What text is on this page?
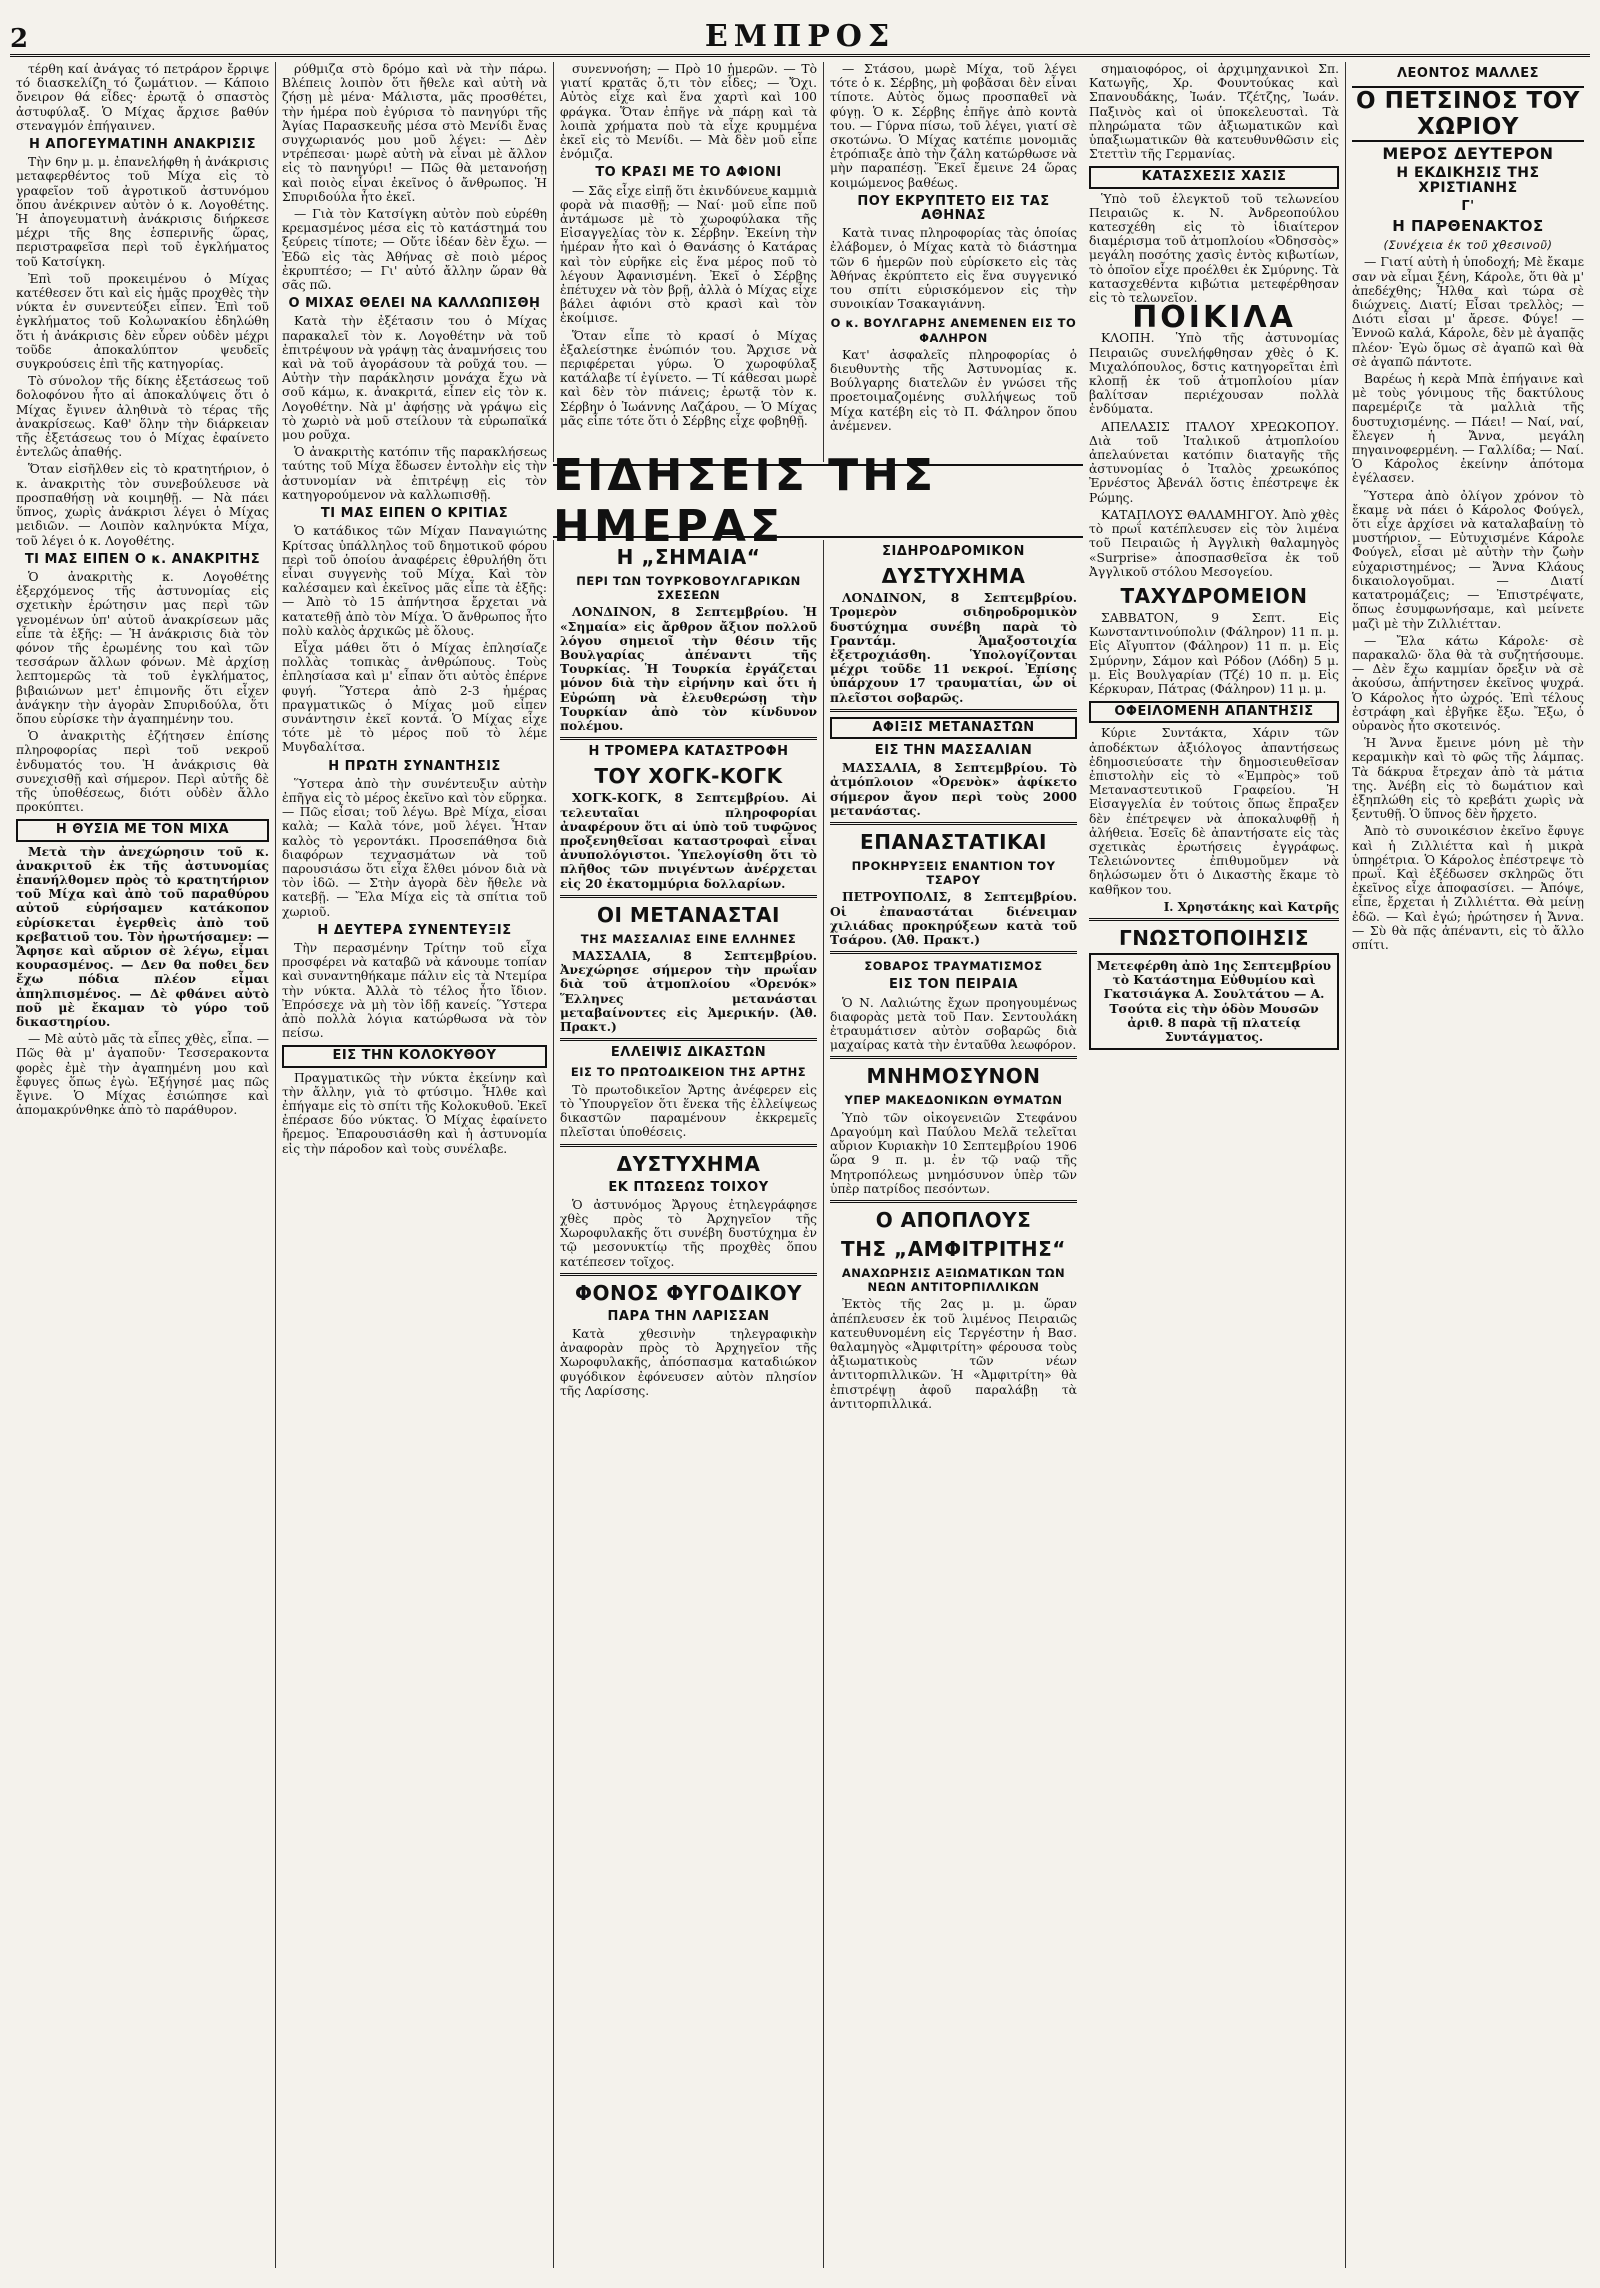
2	ΕΜΠΡΟΣ

τέρθη καί ἀνάγας τό πετράρον ἔρριψε τό διασκελίζη τό ζωμάτιον. — Κάποιο ὄνειρον θά εἶδες· ἐρωτᾷ ὁ σπαστὸς ἀστυφύλαξ. Ὁ Μίχας ἄρχισε βαθύν στεναγμόν ἐπήγαινεν.

Η ΑΠΟΓΕΥΜΑΤΙΝΗ ΑΝΑΚΡΙΣΙΣ

Τὴν 6ην μ. μ. ἐπανελήφθη ἡ ἀνάκρισις μεταφερθέντος τοῦ Μίχα εἰς τὸ γραφεῖον τοῦ ἀγροτικοῦ ἀστυνόμου ὅπου ἀνέκρινεν αὐτὸν ὁ κ. Λογοθέτης. Ἡ ἀπογευματινὴ ἀνάκρισις διήρκεσε μέχρι τῆς 8ης ἑσπερινῆς ὥρας, περιστραφεῖσα περὶ τοῦ ἐγκλήματος τοῦ Κατσίγκη.

Ἐπὶ τοῦ προκειμένου ὁ Μίχας κατέθεσεν ὅτι καὶ εἰς ἡμᾶς προχθὲς τὴν νύκτα ἐν συνεντεύξει εἶπεν. Ἐπὶ τοῦ ἐγκλήματος τοῦ Κολωνακίου ἐδηλώθη ὅτι ἡ ἀνάκρισις δὲν εὗρεν οὐδὲν μέχρι τοῦδε ἀποκαλύπτον ψευδεῖς συγκρούσεις ἐπὶ τῆς κατηγορίας.

Τὸ σύνολον τῆς δίκης ἐξετάσεως τοῦ δολοφόνου ἦτο αἱ ἀποκαλύψεις ὅτι ὁ Μίχας ἔγινεν ἀληθινὰ τὸ τέρας τῆς ἀνακρίσεως. Καθ' ὅλην τὴν διάρκειαν τῆς ἐξετάσεως του ὁ Μίχας ἐφαίνετο ἐντελῶς ἀπαθής.

Ὅταν εἰσῆλθεν εἰς τὸ κρατητήριον, ὁ κ. ἀνακριτὴς τὸν συνεβούλευσε νὰ προσπαθήσῃ νὰ κοιμηθῇ. — Νὰ πάει ὕπνος, χωρὶς ἀνάκρισι λέγει ὁ Μίχας μειδιῶν. — Λοιπὸν καληνύκτα Μίχα, τοῦ λέγει ὁ κ. Λογοθέτης.

ΤΙ ΜΑΣ ΕΙΠΕΝ Ο κ. ΑΝΑΚΡΙΤΗΣ

Ὁ ἀνακριτὴς κ. Λογοθέτης ἐξερχόμενος τῆς ἀστυνομίας εἰς σχετικὴν ἐρώτησιν μας περὶ τῶν γενομένων ὑπ' αὐτοῦ ἀνακρίσεων μᾶς εἶπε τὰ ἑξῆς: — Ἡ ἀνάκρισις διὰ τὸν φόνον τῆς ἐρωμένης του καὶ τῶν τεσσάρων ἄλλων φόνων. Μὲ ἀρχίσῃ λεπτομερῶς τὰ τοῦ ἐγκλήματος, βιβαιώνων μετ' ἐπιμονῆς ὅτι εἶχεν ἀνάγκην τὴν ἀγορὰν Σπυριδούλα, ὅτι ὅπου εὑρίσκε τὴν ἀγαπημένην του.

Ὁ ἀνακριτὴς ἐζήτησεν ἐπίσης πληροφορίας περὶ τοῦ νεκροῦ ἐνδυματός του. Ἡ ἀνάκρισις θὰ συνεχισθῇ καὶ σήμερον. Περὶ αὐτῆς δὲ τῆς ὑποθέσεως, διότι οὐδὲν ἄλλο προκύπτει.

Η ΘΥΣΙΑ ΜΕ ΤΟΝ ΜΙΧΑ

Μετὰ τὴν ἀνεχώρησιν τοῦ κ. ἀνακριτοῦ ἐκ τῆς ἀστυνομίας ἐπανήλθομεν πρὸς τὸ κρατητήριον τοῦ Μίχα καὶ ἀπὸ τοῦ παραθύρου αὐτοῦ εὑρήσαμεν κατάκοπον εὐρίσκεται ἐγερθεὶς ἀπὸ τοῦ κρεβατιοῦ του. Τὸν ἠρωτήσαμεν: — Ἄφησε καὶ αὔριον σὲ λέγω, εἶμαι κουρασμένος. — Δεν θα ποθει δεν ἔχω πόδια πλέον εἶμαι ἀπηλπισμένος. — Δὲ φθάνει αὐτὸ ποῦ μὲ ἔκαμαν τὸ γύρο τοῦ δικαστηρίου.

— Μὲ αὐτὸ μᾶς τὰ εἶπες χθὲς, εἶπα. — Πῶς θὰ μ' ἀγαποῦν· Τεσσερακοντα φορὲς ἐμὲ τὴν ἀγαπημένη μου καὶ ἔφυγες ὅπως ἐγὼ. Ἐξήγησέ μας πῶς ἔγινε. Ὁ Μίχας ἐσιώπησε καὶ ἀπομακρύνθηκε ἀπὸ τὸ παράθυρον.

ρύθμιζα στὸ δρόμο καὶ νὰ τὴν πάρω. Βλέπεις λοιπὸν ὅτι ἤθελε καὶ αὐτὴ νὰ ζήσῃ μὲ μένα· Μάλιστα, μᾶς προσθέτει, τὴν ἡμέρα ποὺ ἐγύρισα τὸ πανηγύρι τῆς Ἁγίας Παρασκευῆς μέσα στὸ Μενίδι ἔνας συγχωριανός μου μοῦ λέγει: — Δὲν ντρέπεσαι· μωρὲ αὐτὴ νὰ εἶναι μὲ ἄλλον εἰς τὸ πανηγύρι! — Πῶς θὰ μετανοήσῃ καὶ ποιὸς εἶναι ἐκεῖνος ὁ ἄνθρωπος. Ἡ Σπυριδούλα ἦτο ἐκεῖ.

— Γιὰ τὸν Κατσίγκη αὐτὸν ποὺ εὑρέθη κρεμασμένος μέσα εἰς τὸ κατάστημά του ξεύρεις τίποτε; — Οὔτε ἰδέαν δὲν ἔχω. — Ἐδῶ εἰς τὰς Ἀθήνας σὲ ποιὸ μέρος ἐκρυπτέσο; — Γι' αὐτό ἄλλην ὥραν θὰ σᾶς πῶ.

Ο ΜΙΧΑΣ ΘΕΛΕΙ ΝΑ ΚΑΛΛΩΠΙΣΘῌ

Κατὰ τὴν ἐξέτασιν του ὁ Μίχας παρακαλεῖ τὸν κ. Λογοθέτην νὰ τοῦ ἐπιτρέψουν νὰ γράψῃ τὰς ἀναμνήσεις του καὶ νὰ τοῦ ἀγοράσουν τὰ ροῦχά του. — Αὐτὴν τὴν παράκλησιν μονάχα ἔχω νὰ σοῦ κάμω, κ. ἀνακριτά, εἶπεν εἰς τὸν κ. Λογοθέτην. Νὰ μ' ἀφήσῃς νὰ γράψω εἰς τὸ χωριὸ νὰ μοῦ στείλουν τὰ εὐρωπαϊκά μου ροῦχα.

Ὁ ἀνακριτὴς κατόπιν τῆς παρακλήσεως ταύτης τοῦ Μίχα ἔδωσεν ἐντολὴν εἰς τὴν ἀστυνομίαν νὰ ἐπιτρέψῃ εἰς τὸν κατηγορούμενον νὰ καλλωπισθῇ.

ΤΙ ΜΑΣ ΕΙΠΕΝ Ο ΚΡΙΤΙΑΣ

Ὁ κατάδικος τῶν Μίχαν Παναγιώτης Κρίτσας ὑπάλληλος τοῦ δημοτικοῦ φόρου περὶ τοῦ ὁποίου ἀναφέρεις ἐθρυλήθη ὅτι εἶναι συγγενὴς τοῦ Μίχα. Καὶ τὸν καλέσαμεν καὶ ἐκεῖνος μᾶς εἶπε τὰ ἑξῆς: — Ἀπὸ τὸ 15 ἀπήντησα ἔρχεται νὰ κατατεθῇ ἀπὸ τὸν Μίχα. Ὁ ἄνθρωπος ἦτο πολὺ καλὸς ἀρχικῶς μὲ ὅλους.

Εἶχα μάθει ὅτι ὁ Μίχας ἐπλησίαζε πολλὰς τοπικὰς ἀνθρώπους. Τοὺς ἐπλησίασα καὶ μ' εἶπαν ὅτι αὐτὸς ἐπέρνε φυγή. Ὕστερα ἀπὸ 2-3 ἡμέρας πραγματικῶς ὁ Μίχας μοῦ εἶπεν συνάντησιν ἐκεῖ κοντά. Ὁ Μίχας εἶχε τότε μὲ τὸ μέρος ποῦ τὸ λέμε Μυγδαλίτσα.

Η ΠΡΩΤΗ ΣΥΝΑΝΤΗΣΙΣ

Ὕστερα ἀπὸ τὴν συνέντευξιν αὐτὴν ἐπῆγα εἰς τὸ μέρος ἐκεῖνο καὶ τὸν εὕρηκα. — Πῶς εἶσαι; τοῦ λέγω. Βρὲ Μίχα, εἶσαι καλὰ; — Καλὰ τόνε, μοῦ λέγει. Ἦταν καλὸς τὸ γεροντάκι. Προσεπάθησα διὰ διαφόρων τεχνασμάτων νὰ τοῦ παρουσιάσω ὅτι εἶχα ἔλθει μόνον διὰ νὰ τὸν ἰδῶ. — Στὴν ἀγορὰ δὲν ἤθελε νὰ κατεβῇ. — Ἔλα Μίχα εἰς τὰ σπίτια τοῦ χωριοῦ.

Η ΔΕΥΤΕΡΑ ΣΥΝΕΝΤΕΥΞΙΣ

Τὴν περασμένην Τρίτην τοῦ εἶχα προσφέρει νὰ καταβῶ νὰ κάνουμε τοπίαν καὶ συναντηθήκαμε πάλιν εἰς τὰ Ντεμίρα τὴν νύκτα. Ἀλλὰ τὸ τέλος ἦτο ἴδιον. Ἐπρόσεχε νὰ μὴ τὸν ἰδῇ κανείς. Ὕστερα ἀπὸ πολλὰ λόγια κατώρθωσα νὰ τὸν πείσω.

ΕΙΣ ΤΗΝ ΚΟΛΟΚΥΘΟΥ

Πραγματικῶς τὴν νύκτα ἐκείνην καὶ τὴν ἄλλην, γιὰ τὸ φτύσιμο. Ἦλθε καὶ ἐπήγαμε εἰς τὸ σπίτι τῆς Κολοκυθοῦ. Ἐκεῖ ἐπέρασε δύο νύκτας. Ὁ Μίχας ἐφαίνετο ἤρεμος. Ἐπαρουσιάσθη καὶ ἡ ἀστυνομία εἰς τὴν πάροδον καὶ τοὺς συνέλαβε.

συνεννοήση; — Πρὸ 10 ἡμερῶν. — Τὸ γιατί κρατᾶς ὅ,τι τὸν εἶδες; — Ὄχι. Αὐτὸς εἶχε καὶ ἕνα χαρτὶ καὶ 100 φράγκα. Ὅταν ἐπῆγε νὰ πάρῃ καὶ τὰ λοιπὰ χρήματα ποὺ τὰ εἶχε κρυμμένα ἐκεῖ εἰς τὸ Μενίδι. — Μὰ δὲν μοῦ εἶπε ἐνόμιζα.

ΤΟ ΚΡΑΣΙ ΜΕ ΤΟ ΑΦΙΟΝΙ

— Σᾶς εἶχε εἰπῇ ὅτι ἐκινδύνευε καμμιὰ φορὰ νὰ πιασθῇ; — Ναί· μοῦ εἶπε ποῦ ἀντάμωσε μὲ τὸ χωροφύλακα τῆς Εἰσαγγελίας τὸν κ. Σέρβην. Ἐκείνη τὴν ἡμέραν ἦτο καὶ ὁ Θανάσης ὁ Κατάρας καὶ τὸν εὑρῆκε εἰς ἕνα μέρος ποῦ τὸ λέγουν Ἀφανισμένη. Ἐκεῖ ὁ Σέρβης ἐπέτυχεν νὰ τὸν βρῇ, ἀλλὰ ὁ Μίχας εἶχε βάλει ἀφιόνι στὸ κρασὶ καὶ τὸν ἐκοίμισε.

Ὅταν εἶπε τὸ κρασί ὁ Μίχας ἐξαλείστηκε ἐνώπιόν του. Ἄρχισε νὰ περιφέρεται γύρω. Ὁ χωροφύλαξ κατάλαβε τί ἐγίνετο. — Τί κάθεσαι μωρὲ καὶ δὲν τὸν πιάνεις; ἐρωτᾷ τὸν κ. Σέρβην ὁ Ἰωάννης Λαζάρου. — Ὁ Μίχας μᾶς εἶπε τότε ὅτι ὁ Σέρβης εἶχε φοβηθῇ.

— Στάσου, μωρὲ Μίχα, τοῦ λέγει τότε ὁ κ. Σέρβης, μὴ φοβᾶσαι δὲν εἶναι τίποτε. Αὐτὸς ὅμως προσπαθεῖ νὰ φύγῃ. Ὁ κ. Σέρβης ἐπῆγε ἀπὸ κοντὰ του. — Γύρνα πίσω, τοῦ λέγει, γιατί σὲ σκοτώνω. Ὁ Μίχας κατέπιε μονομιᾶς ἐτρόπιαξε ἀπὸ τὴν ζάλη κατώρθωσε νὰ μὴν παραπέσῃ. Ἔκεῖ ἔμεινε 24 ὥρας κοιμώμενος βαθέως.

ΠΟΥ ΕΚΡΥΠΤΕΤΟ ΕΙΣ ΤΑΣ ΑΘΗΝΑΣ

Κατὰ τινας πληροφορίας τὰς ὁποίας ἐλάβομεν, ὁ Μίχας κατὰ τὸ διάστημα τῶν 6 ἡμερῶν ποὺ εὑρίσκετο εἰς τὰς Ἀθήνας ἐκρύπτετο εἰς ἕνα συγγενικό του σπίτι εὑρισκόμενον εἰς τὴν συνοικίαν Τσακαγιάννη.

Ο κ. ΒΟΥΛΓΑΡΗΣ ΑΝΕΜΕΝΕΝ ΕΙΣ ΤΟ ΦΑΛΗΡΟΝ

Κατ' ἀσφαλεῖς πληροφορίας ὁ διευθυντὴς τῆς Ἀστυνομίας κ. Βούλγαρης διατελῶν ἐν γνώσει τῆς προετοιμαζομένης συλλήψεως τοῦ Μίχα κατέβη εἰς τὸ Π. Φάληρον ὅπου ἀνέμενεν.

Η „ΣΗΜΑΙΑ“
ΠΕΡΙ ΤΩΝ ΤΟΥΡΚΟΒΟΥΛΓΑΡΙΚΩΝ ΣΧΕΣΕΩΝ

ΛΟΝΔΙΝΟΝ, 8 Σεπτεμβρίου. Ἡ «Σημαία» εἰς ἄρθρον ἄξιον πολλοῦ λόγου σημειοῖ τὴν θέσιν τῆς Βουλγαρίας ἀπέναντι τῆς Τουρκίας. Ἡ Τουρκία ἐργάζεται μόνον διὰ τὴν εἰρήνην καὶ ὅτι ἡ Εὐρώπη νὰ ἐλευθερώσῃ τὴν Τουρκίαν ἀπὸ τὸν κίνδυνον πολέμου.

Η ΤΡΟΜΕΡΑ ΚΑΤΑΣΤΡΟΦΗ
ΤΟΥ ΧΟΓΚ-ΚΟΓΚ

ΧΟΓΚ-ΚΟΓΚ, 8 Σεπτεμβρίου. Αἱ τελευταῖαι πληροφορίαι ἀναφέρουν ὅτι αἱ ὑπὸ τοῦ τυφῶνος προξενηθεῖσαι καταστροφαὶ εἶναι ἀνυπολόγιστοι. Ὑπελογίσθη ὅτι τὸ πλῆθος τῶν πνιγέντων ἀνέρχεται εἰς 20 ἑκατομμύρια δολλαρίων.

ΟΙ ΜΕΤΑΝΑΣΤΑΙ
ΤΗΣ ΜΑΣΣΑΛΙΑΣ ΕΙΝΕ ΕΛΛΗΝΕΣ

ΜΑΣΣΑΛΙΑ, 8 Σεπτεμβρίου. Ἀνεχώρησε σήμερον τὴν πρωΐαν διὰ τοῦ ἀτμοπλοίου «Ὀρενόκ» Ἕλληνες μετανάσται μεταβαίνοντες εἰς Ἀμερικήν. (Ἀθ. Πρακτ.)

ΕΛΛΕΙΨΙΣ ΔΙΚΑΣΤΩΝ
ΕΙΣ ΤΟ ΠΡΩΤΟΔΙΚΕΙΟΝ ΤΗΣ ΑΡΤΗΣ

Τὸ πρωτοδικεῖον Ἄρτης ἀνέφερεν εἰς τὸ Ὑπουργεῖον ὅτι ἕνεκα τῆς ἐλλείψεως δικαστῶν παραμένουν ἐκκρεμεῖς πλεῖσται ὑποθέσεις.

ΔΥΣΤΥΧΗΜΑ
ΕΚ ΠΤΩΣΕΩΣ ΤΟΙΧΟΥ

Ὁ ἀστυνόμος Ἄργους ἐτηλεγράφησε χθὲς πρὸς τὸ Ἀρχηγεῖον τῆς Χωροφυλακῆς ὅτι συνέβη δυστύχημα ἐν τῷ μεσονυκτίῳ τῆς προχθὲς ὅπου κατέπεσεν τοῖχος.

ΦΟΝΟΣ ΦΥΓΟΔΙΚΟΥ
ΠΑΡΑ ΤΗΝ ΛΑΡΙΣΣΑΝ

Κατὰ χθεσινὴν τηλεγραφικὴν ἀναφορὰν πρὸς τὸ Ἀρχηγεῖον τῆς Χωροφυλακῆς, ἀπόσπασμα καταδιώκον φυγόδικον ἐφόνευσεν αὐτὸν πλησίον τῆς Λαρίσσης.

ΣΙΔΗΡΟΔΡΟΜΙΚΟΝ
ΔΥΣΤΥΧΗΜΑ

ΛΟΝΔΙΝΟΝ, 8 Σεπτεμβρίου. Τρομερὸν σιδηροδρομικὸν δυστύχημα συνέβη παρὰ τὸ Γραντάμ. Ἁμαξοστοιχία ἐξετροχιάσθη. Ὑπολογίζονται μέχρι τοῦδε 11 νεκροί. Ἐπίσης ὑπάρχουν 17 τραυματίαι, ὧν οἱ πλεῖστοι σοβαρῶς.

ΑΦΙΞΙΣ ΜΕΤΑΝΑΣΤΩΝ
ΕΙΣ ΤΗΝ ΜΑΣΣΑΛΙΑΝ

ΜΑΣΣΑΛΙΑ, 8 Σεπτεμβρίου. Τὸ ἀτμόπλοιον «Ὀρενὸκ» ἀφίκετο σήμερον ἄγον περὶ τοὺς 2000 μετανάστας.

ΕΠΑΝΑΣΤΑΤΙΚΑΙ
ΠΡΟΚΗΡΥΞΕΙΣ ΕΝΑΝΤΙΟΝ ΤΟΥ ΤΣΑΡΟΥ

ΠΕΤΡΟΥΠΟΛΙΣ, 8 Σεπτεμβρίου. Οἱ ἐπαναστάται διένειμαν χιλιάδας προκηρύξεων κατὰ τοῦ Τσάρου. (Ἀθ. Πρακτ.)

ΣΟΒΑΡΟΣ ΤΡΑΥΜΑΤΙΣΜΟΣ
ΕΙΣ ΤΟΝ ΠΕΙΡΑΙΑ

Ὁ Ν. Λαλιώτης ἔχων προηγουμένως διαφορὰς μετὰ τοῦ Παν. Σεντουλάκη ἐτραυμάτισεν αὐτὸν σοβαρῶς διὰ μαχαίρας κατὰ τὴν ἐνταῦθα λεωφόρον.

ΜΝΗΜΟΣΥΝΟΝ
ΥΠΕΡ ΜΑΚΕΔΟΝΙΚΩΝ ΘΥΜΑΤΩΝ

Ὑπὸ τῶν οἰκογενειῶν Στεφάνου Δραγούμη καὶ Παύλου Μελᾶ τελεῖται αὔριον Κυριακὴν 10 Σεπτεμβρίου 1906 ὥρα 9 π. μ. ἐν τῷ ναῷ τῆς Μητροπόλεως μνημόσυνον ὑπὲρ τῶν ὑπὲρ πατρίδος πεσόντων.

Ο ΑΠΟΠΛΟΥΣ
ΤΗΣ „ΑΜΦΙΤΡΙΤΗΣ“
ΑΝΑΧΩΡΗΣΙΣ ΑΞΙΩΜΑΤΙΚΩΝ ΤΩΝ ΝΕΩΝ ΑΝΤΙΤΟΡΠΙΛΛΙΚΩΝ

Ἐκτὸς τῆς 2ας μ. μ. ὥραν ἀπέπλευσεν ἐκ τοῦ λιμένος Πειραιῶς κατευθυνομένη εἰς Τεργέστην ἡ Βασ. θαλαμηγὸς «Ἀμφιτρίτη» φέρουσα τοὺς ἀξιωματικοὺς τῶν νέων ἀντιτορπιλλικῶν. Ἡ «Ἀμφιτρίτη» θὰ ἐπιστρέψῃ ἀφοῦ παραλάβῃ τὰ ἀντιτορπιλλικά.

ΕΙΔΗΣΕΙΣ ΤΗΣ ΗΜΕΡΑΣ

σημαιοφόρος, οἱ ἀρχιμηχανικοὶ Σπ. Κατωγῆς, Χρ. Φουντούκας καὶ Σπανουδάκης, Ἰωάν. Τζέτζης, Ἰωάν. Παξινὸς καὶ οἱ ὑποκελευσταὶ. Τὰ πληρώματα τῶν ἀξιωματικῶν καὶ ὑπαξιωματικῶν θὰ κατευθυνθῶσιν εἰς Στεττὶν τῆς Γερμανίας.

ΚΑΤΑΣΧΕΣΙΣ ΧΑΣΙΣ

Ὑπὸ τοῦ ἐλεγκτοῦ τοῦ τελωνείου Πειραιῶς κ. Ν. Ἀνδρεοπούλου κατεσχέθη εἰς τὸ ἰδιαίτερον διαμέρισμα τοῦ ἀτμοπλοίου «Ὀδησσὸς» μεγάλη ποσότης χασὶς ἐντὸς κιβωτίων, τὸ ὁποῖον εἶχε προέλθει ἐκ Σμύρνης. Τὰ κατασχεθέντα κιβώτια μετεφέρθησαν εἰς τὸ τελωνεῖον.

ΠΟΙΚΙΛΑ

ΚΛΟΠΗ. Ὑπὸ τῆς ἀστυνομίας Πειραιῶς συνελήφθησαν χθὲς ὁ Κ. Μιχαλόπουλος, δστις κατηγορεῖται ἐπὶ κλοπῇ ἐκ τοῦ ἀτμοπλοίου μίαν βαλίτσαν περιέχουσαν πολλὰ ἐνδύματα.

ΑΠΕΛΑΣΙΣ ΙΤΑΛΟΥ ΧΡΕΩΚΟΠΟΥ. Διὰ τοῦ Ἰταλικοῦ ἀτμοπλοίου ἀπελαύνεται κατόπιν διαταγῆς τῆς ἀστυνομίας ὁ Ἰταλὸς χρεωκόπος Ἐρνέστος Ἀβενάλ ὅστις ἐπέστρεψε ἐκ Ρώμης.

ΚΑΤΑΠΛΟΥΣ ΘΑΛΑΜΗΓΟΥ. Ἀπὸ χθὲς τὸ πρωΐ κατέπλευσεν εἰς τὸν λιμένα τοῦ Πειραιῶς ἡ Ἀγγλικὴ θαλαμηγὸς «Surprise» ἀποσπασθεῖσα ἐκ τοῦ Ἀγγλικοῦ στόλου Μεσογείου.

ΤΑΧΥΔΡΟΜΕΙΟΝ

ΣΑΒΒΑΤΟΝ, 9 Σεπτ. Εἰς Κωνσταντινούπολιν (Φάληρον) 11 π. μ. Εἰς Αἴγυπτον (Φάληρον) 11 π. μ. Εἰς Σμύρνην, Σάμον καὶ Ρόδον (Λόδη) 5 μ. μ. Εἰς Βουλγαρίαν (Τζέ) 10 π. μ. Εἰς Κέρκυραν, Πάτρας (Φάληρον) 11 μ. μ.

ΟΦΕΙΛΟΜΕΝΗ ΑΠΑΝΤΗΣΙΣ

Κύριε Συντάκτα, Χάριν τῶν ἀποδέκτων ἀξιόλογος ἀπαντήσεως ἐδημοσιεύσατε τὴν δημοσιευθεῖσαν ἐπιστολὴν εἰς τὸ «Ἐμπρὸς» τοῦ Μεταναστευτικοῦ Γραφείου. Ἡ Εἰσαγγελία ἐν τούτοις ὅπως ἔπραξεν δὲν ἐπέτρεψεν νὰ ἀποκαλυφθῇ ἡ ἀλήθεια. Ἐσεῖς δὲ ἀπαντήσατε εἰς τὰς σχετικὰς ἐρωτήσεις ἐγγράφως. Τελειώνοντες ἐπιθυμοῦμεν νὰ δηλώσωμεν ὅτι ὁ Δικαστὴς ἔκαμε τὸ καθῆκον του.

Ι. Χρηστάκης καὶ Κατρῆς
ΓΝΩΣΤΟΠΟΙΗΣΙΣ
Μετεφέρθη ἀπὸ 1ης Σεπτεμβρίου τὸ Κατάστημα Εὐθυμίου καὶ Γκατσιάγκα Α. Σουλτάτου — Α. Τσούτα εἰς τὴν ὁδὸν Μουσῶν ἀριθ. 8 παρὰ τῇ πλατείᾳ Συντάγματος.
ΛΕΟΝΤΟΣ ΜΑΛΛΕΣ
Ο ΠΕΤΣΙΝΟΣ ΤΟΥ ΧΩΡΙΟΥ
ΜΕΡΟΣ ΔΕΥΤΕΡΟΝ
Η ΕΚΔΙΚΗΣΙΣ ΤΗΣ ΧΡΙΣΤΙΑΝΗΣ
Γ'
Η ΠΑΡΘΕΝΑΚΤΟΣ
(Συνέχεια ἐκ τοῦ χθεσινοῦ)

— Γιατί αὐτὴ ἡ ὑποδοχή; Μὲ ἔκαμε σαν νὰ εἶμαι ξένη, Κάρολε, ὅτι θὰ μ' ἀπεδέχθης; Ἦλθα καὶ τώρα σὲ διώχνεις. Διατί; Εἶσαι τρελλὸς; — Διότι εἶσαι μ' ἄρεσε. Φύγε! — Ἐννοῶ καλά, Κάρολε, δὲν μὲ ἀγαπᾷς πλέον· Ἐγὼ ὅμως σὲ ἀγαπῶ καὶ θὰ σὲ ἀγαπῶ πάντοτε.

Βαρέως ἡ κερὰ Μπὰ ἐπήγαινε καὶ μὲ τοὺς γόνιμους τῆς δακτύλους παρεμέριζε τὰ μαλλιὰ τῆς δυστυχισμένης. — Πάει! — Ναί, ναί, ἔλεγεν ἡ Ἄννα, μεγάλη πηγαινοφερμένη. — Γαλλίδα; — Ναί. Ὁ Κάρολος ἐκείνην ἀπότομα ἐγέλασεν.

Ὕστερα ἀπὸ ὀλίγον χρόνον τὸ ἔκαμε νὰ πάει ὁ Κάρολος Φούγελ, ὅτι εἶχε ἀρχίσει νὰ καταλαβαίνῃ τὸ μυστήριον. — Εὐτυχισμένε Κάρολε Φούγελ, εἶσαι μὲ αὐτὴν τὴν ζωὴν εὐχαριστημένος; — Ἄννα Κλάους δικαιολογοῦμαι. — Διατί κατατρομάζεις; — Ἐπιστρέψατε, ὅπως ἐσυμφωνήσαμε, καὶ μείνετε μαζὶ μὲ τὴν Ζιλλιέτταν.

— Ἔλα κάτω Κάρολε· σὲ παρακαλῶ· ὅλα θὰ τὰ συζητήσουμε. — Δὲν ἔχω καμμίαν ὄρεξιν νὰ σὲ ἀκούσω, ἀπήντησεν ἐκεῖνος ψυχρά. Ὁ Κάρολος ἦτο ὠχρός. Ἐπὶ τέλους ἐστράφη καὶ ἐβγῆκε ἔξω. Ἔξω, ὁ οὐρανὸς ἦτο σκοτεινός.

Ἡ Ἄννα ἔμεινε μόνη μὲ τὴν κεραμικὴν καὶ τὸ φῶς τῆς λάμπας. Τὰ δάκρυα ἔτρεχαν ἀπὸ τὰ μάτια της. Ἀνέβη εἰς τὸ δωμάτιον καὶ ἐξηπλώθη εἰς τὸ κρεβάτι χωρὶς νὰ ξεντυθῇ. Ὁ ὕπνος δὲν ἤρχετο.

Ἀπὸ τὸ συνοικέσιον ἐκεῖνο ἔφυγε καὶ ἡ Ζιλλιέττα καὶ ἡ μικρὰ ὑπηρέτρια. Ὁ Κάρολος ἐπέστρεψε τὸ πρωΐ. Καὶ ἐξέδωσεν σκληρῶς ὅτι ἐκεῖνος εἶχε ἀποφασίσει. — Ἀπόψε, εἶπε, ἔρχεται ἡ Ζιλλιέττα. Θὰ μείνῃ ἐδῶ. — Καὶ ἐγώ; ἠρώτησεν ἡ Ἄννα. — Σὺ θὰ πᾷς ἀπέναντι, εἰς τὸ ἄλλο σπίτι.
